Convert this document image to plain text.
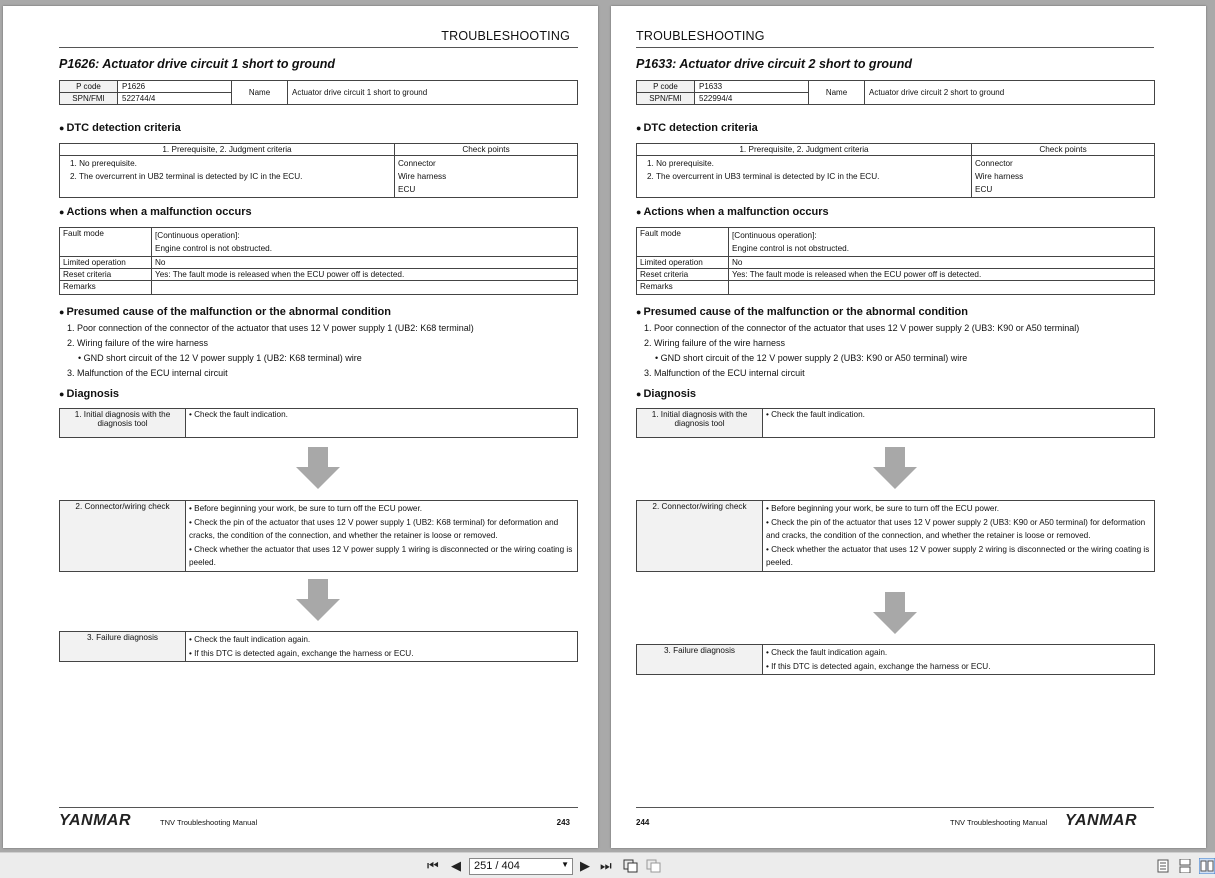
TROUBLESHOOTING
P1626: Actuator drive circuit 1 short to ground
P code	P1626	Name	Actuator drive circuit 1 short to ground
SPN/FMI	522744/4		
● DTC detection criteria
1. Prerequisite, 2. Judgment criteria	Check points

1. No prerequisite.
2. The overcurrent in UB2 terminal is detected by IC in the ECU.	Connector
Wire harness
ECU
● Actions when a malfunction occurs
Fault mode	[Continuous operation]:
Engine control is not obstructed.

Limited operation	No
Reset criteria	Yes: The fault mode is released when the ECU power off is detected.
Remarks	
● Presumed cause of the malfunction or the abnormal condition
1. Poor connection of the connector of the actuator that uses 12 V power supply 1 (UB2: K68 terminal)
2. Wiring failure of the wire harness
• GND short circuit of the 12 V power supply 1 (UB2: K68 terminal) wire
3. Malfunction of the ECU internal circuit
● Diagnosis
1. Initial diagnosis with the diagnosis tool	• Check the fault indication.
2. Connector/wiring check	• Before beginning your work, be sure to turn off the ECU power.
• Check the pin of the actuator that uses 12 V power supply 1 (UB2: K68 terminal) for deformation and cracks, the condition of the connection, and whether the retainer is loose or removed.
• Check whether the actuator that uses 12 V power supply 1 wiring is disconnected or the wiring coating is peeled.
3. Failure diagnosis	• Check the fault indication again.
• If this DTC is detected again, exchange the harness or ECU.
YANMAR	TNV Troubleshooting Manual	243
TROUBLESHOOTING
P1633: Actuator drive circuit 2 short to ground
P code	P1633	Name	Actuator drive circuit 2 short to ground
SPN/FMI	522994/4		
● DTC detection criteria
1. Prerequisite, 2. Judgment criteria	Check points

1. No prerequisite.
2. The overcurrent in UB3 terminal is detected by IC in the ECU.	Connector
Wire harness
ECU
● Actions when a malfunction occurs
Fault mode	[Continuous operation]:
Engine control is not obstructed.

Limited operation	No
Reset criteria	Yes: The fault mode is released when the ECU power off is detected.
Remarks	
● Presumed cause of the malfunction or the abnormal condition
1. Poor connection of the connector of the actuator that uses 12 V power supply 2 (UB3: K90 or A50 terminal)
2. Wiring failure of the wire harness
• GND short circuit of the 12 V power supply 2 (UB3: K90 or A50 terminal) wire
3. Malfunction of the ECU internal circuit
● Diagnosis
1. Initial diagnosis with the diagnosis tool	• Check the fault indication.
2. Connector/wiring check	• Before beginning your work, be sure to turn off the ECU power.
• Check the pin of the actuator that uses 12 V power supply 2 (UB3: K90 or A50 terminal) for deformation and cracks, the condition of the connection, and whether the retainer is loose or removed.
• Check whether the actuator that uses 12 V power supply 2 wiring is disconnected or the wiring coating is peeled.
3. Failure diagnosis	• Check the fault indication again.
• If this DTC is detected again, exchange the harness or ECU.
244	TNV Troubleshooting Manual YANMAR
⏮ ◀	251 / 404	▼ ▶ ⏭
